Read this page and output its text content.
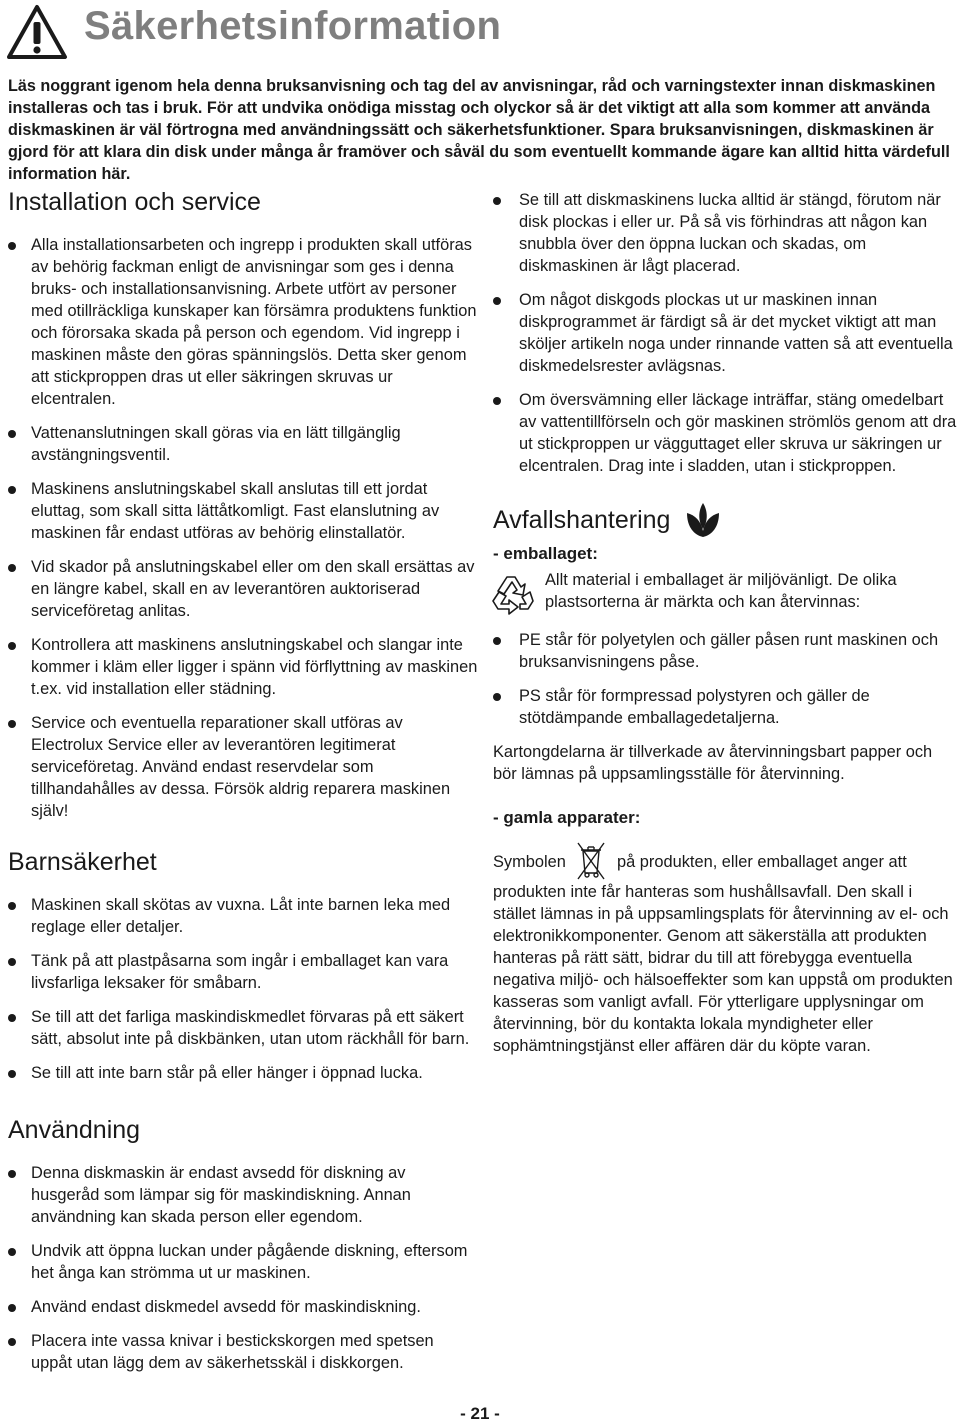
Säkerhetsinformation

Läs noggrant igenom hela denna bruksanvisning och tag del av anvisningar, råd och varningstexter innan diskmaskinen installeras och tas i bruk. För att undvika onödiga misstag och olyckor så är det viktigt att alla som kommer att använda diskmaskinen är väl förtrogna med användningssätt och säkerhetsfunktioner. Spara bruksanvisningen, diskmaskinen är gjord för att klara din disk under många år framöver och såväl du som eventuellt kommande ägare kan alltid hitta värdefull information här.

Installation och service
Alla installationsarbeten och ingrepp i produkten skall utföras av behörig fackman enligt de anvisningar som ges i denna bruks- och installationsanvisning. Arbete utfört av personer med otillräckliga kunskaper kan försämra produktens funktion och förorsaka skada på person och egendom. Vid ingrepp i maskinen måste den göras spänningslös. Detta sker genom att stickproppen dras ut eller säkringen skruvas ur elcentralen.
Vattenanslutningen skall göras via en lätt tillgänglig avstängningsventil.
Maskinens anslutningskabel skall anslutas till ett jordat eluttag, som skall sitta lättåtkomligt. Fast elanslutning av maskinen får endast utföras av behörig elinstallatör.
Vid skador på anslutningskabel eller om den skall ersättas av en längre kabel, skall en av leverantören auktoriserad serviceföretag anlitas.
Kontrollera att maskinens anslutningskabel och slangar inte kommer i kläm eller ligger i spänn vid förflyttning av maskinen t.ex. vid installation eller städning.
Service och eventuella reparationer skall utföras av Electrolux Service eller av leverantören legitimerat serviceföretag. Använd endast reservdelar som tillhandahålles av dessa. Försök aldrig reparera maskinen själv!
Barnsäkerhet
Maskinen skall skötas av vuxna. Låt inte barnen leka med reglage eller detaljer.
Tänk på att plastpåsarna som ingår i emballaget kan vara livsfarliga leksaker för småbarn.
Se till att det farliga maskindiskmedlet förvaras på ett säkert sätt, absolut inte på diskbänken, utan utom räckhåll för barn.
Se till att inte barn står på eller hänger i öppnad lucka.
Användning
Denna diskmaskin är endast avsedd för diskning av husgeråd som lämpar sig för maskindiskning. Annan användning kan skada person eller egendom.
Undvik att öppna luckan under pågående diskning, eftersom het ånga kan strömma ut ur maskinen.
Använd endast diskmedel avsedd för maskindiskning.
Placera inte vassa knivar i bestickskorgen med spetsen uppåt utan lägg dem av säkerhetsskäl i diskkorgen.
Se till att diskmaskinens lucka alltid är stängd, förutom när disk plockas i eller ur. På så vis förhindras att någon kan snubbla över den öppna luckan och skadas, om diskmaskinen är lågt placerad.
Om något diskgods plockas ut ur maskinen innan diskprogrammet är färdigt så är det mycket viktigt att man sköljer artikeln noga under rinnande vatten så att eventuella diskmedelsrester avlägsnas.
Om översvämning eller läckage inträffar, stäng omedelbart av vattentillförseln och gör maskinen strömlös genom att dra ut stickproppen ur vägguttaget eller skruva ur säkringen ur elcentralen. Drag inte i sladden, utan i stickproppen.
Avfallshantering

- emballaget:

Allt material i emballaget är miljövänligt. De olika plastsorterna är märkta och kan återvinnas:

PE står för polyetylen och gäller påsen runt maskinen och bruksanvisningens påse.
PS står för formpressad polystyren och gäller de stötdämpande emballagedetaljerna.

Kartongdelarna är tillverkade av återvinningsbart papper och bör lämnas på uppsamlingsställe för återvinning.

- gamla apparater:

Symbolen	på produkten, eller emballaget anger att produkten inte får hanteras som hushållsavfall. Den skall i stället lämnas in på uppsamlingsplats för återvinning av el- och elektronikkomponenter. Genom att säkerställa att produkten hanteras på rätt sätt, bidrar du till att förebygga eventuella negativa miljö- och hälsoeffekter som kan uppstå om produkten kasseras som vanligt avfall. För ytterligare upplysningar om återvinning, bör du kontakta lokala myndigheter eller sophämtningstjänst eller affären där du köpte varan.

- 21 -
